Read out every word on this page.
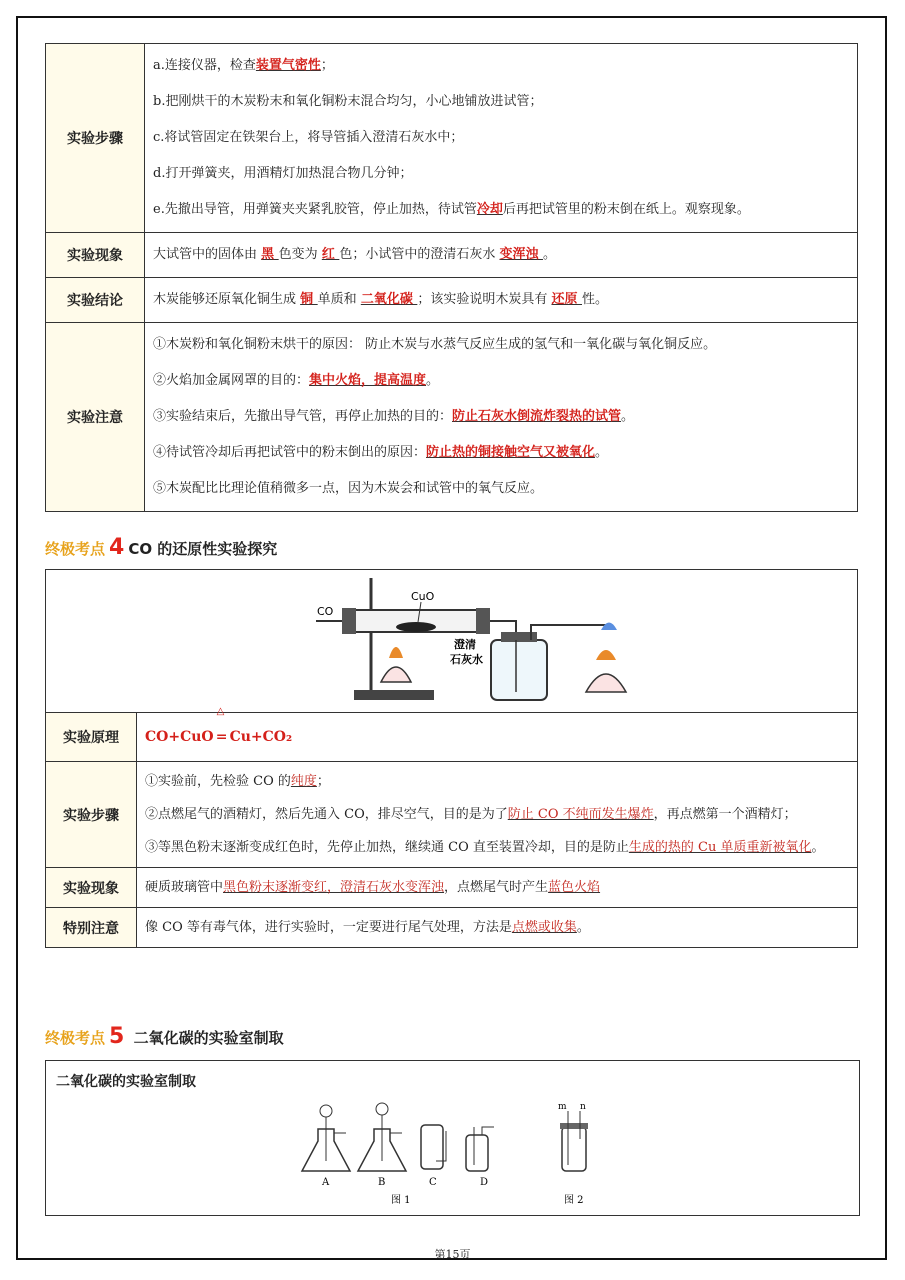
实验步骤	a.连接仪器，检查装置气密性；
b.把刚烘干的木炭粉末和氧化铜粉末混合均匀，小心地铺放进试管；
c.将试管固定在铁架台上，将导管插入澄清石灰水中；
d.打开弹簧夹，用酒精灯加热混合物几分钟；
e.先撤出导管，用弹簧夹夹紧乳胶管，停止加热，待试管冷却后再把试管里的粉末倒在纸上。观察现象。

实验现象	大试管中的固体由 黑 色变为 红 色；小试管中的澄清石灰水 变浑浊 。

实验结论	木炭能够还原氧化铜生成 铜 单质和 二氧化碳 ；该实验说明木炭具有 还原 性。

实验注意	①木炭粉和氧化铜粉末烘干的原因： 防止木炭与水蒸气反应生成的氢气和一氧化碳与氧化铜反应。
②火焰加金属网罩的目的：集中火焰，提高温度。
③实验结束后，先撤出导气管，再停止加热的目的：防止石灰水倒流炸裂热的试管。
④待试管冷却后再把试管中的粉末倒出的原因：防止热的铜接触空气又被氧化。
⑤木炭配比比理论值稍微多一点，因为木炭会和试管中的氧气反应。
终极考点 4 CO 的还原性实验探究
CO
CuO
澄清
石灰水	

实验原理	CO+CuO
△
= Cu+CO₂
实验步骤	①实验前，先检验 CO 的纯度；
②点燃尾气的酒精灯，然后先通入 CO，排尽空气，目的是为了防止 CO 不纯而发生爆炸，再点燃第一个酒精灯；
③等黑色粉末逐渐变成红色时，先停止加热，继续通 CO 直至装置冷却，目的是防止生成的热的 Cu 单质重新被氧化。

实验现象	硬质玻璃管中黑色粉末逐渐变红，澄清石灰水变浑浊，点燃尾气时产生蓝色火焰

特别注意	像 CO 等有毒气体，进行实验时，一定要进行尾气处理，方法是点燃或收集。
终极考点 5 二氧化碳的实验室制取
二氧化碳的实验室制取
A	B	C	D
图 1
m n
图 2
第15页
